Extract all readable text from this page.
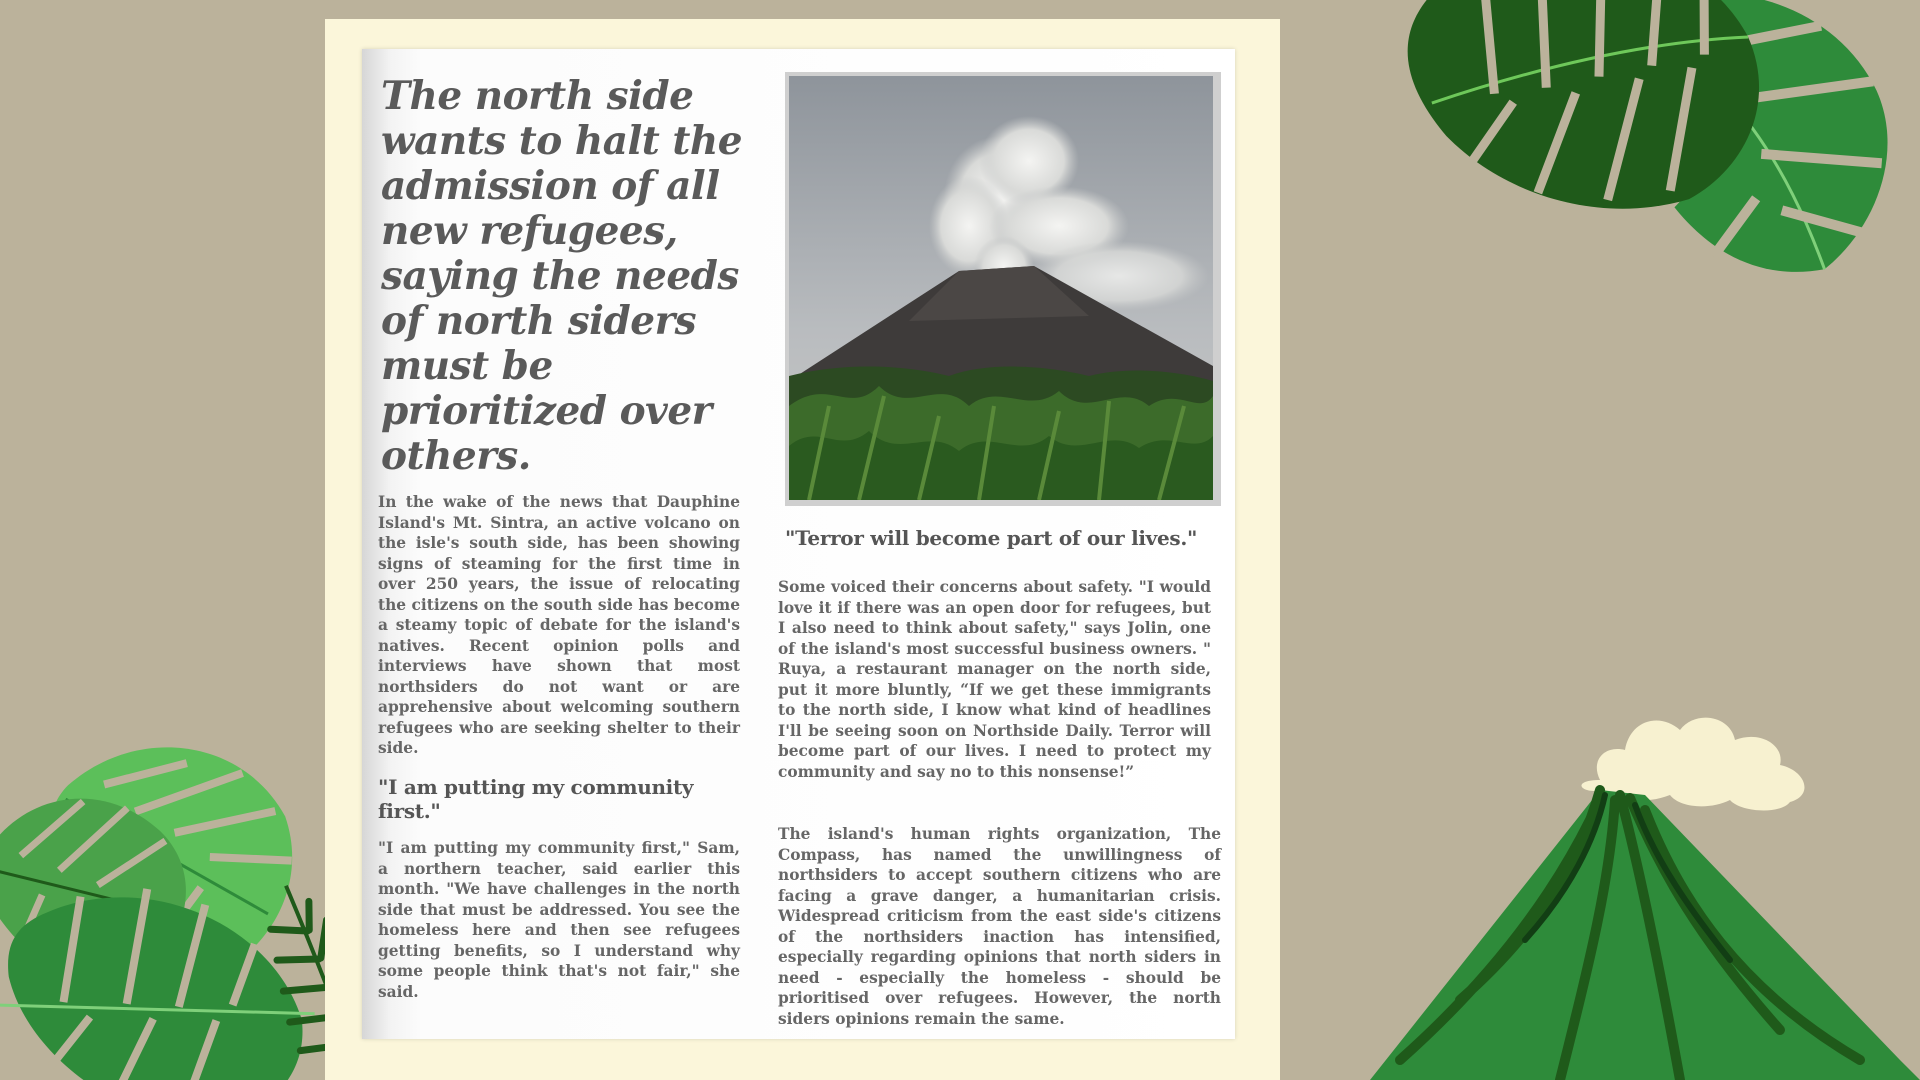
The north side wants to halt the admission of all new refugees, saying the needs of north siders must be prioritized over others.

In the wake of the news that Dauphine Island's Mt. Sintra, an active volcano on the isle's south side, has been showing signs of steaming for the first time in over 250 years, the issue of relocating the citizens on the south side has become a steamy topic of debate for the island's natives. Recent opinion polls and interviews have shown that most northsiders do not want or are apprehensive about welcoming southern refugees who are seeking shelter to their side.

"I am putting my community first."

"I am putting my community first," Sam, a northern teacher, said earlier this month. "We have challenges in the north side that must be addressed. You see the homeless here and then see refugees getting benefits, so I understand why some people think that's not fair," she said.

"Terror will become part of our lives."

Some voiced their concerns about safety. "I would love it if there was an open door for refugees, but I also need to think about safety," says Jolin, one of the island's most successful business owners. " Ruya, a restaurant manager on the north side, put it more bluntly, “If we get these immigrants to the north side, I know what kind of headlines I'll be seeing soon on Northside Daily. Terror will become part of our lives. I need to protect my community and say no to this nonsense!”

The island's human rights organization, The Compass, has named the unwillingness of northsiders to accept southern citizens who are facing a grave danger, a humanitarian crisis. Widespread criticism from the east side's citizens of the northsiders inaction has intensified, especially regarding opinions that north siders in need - especially the homeless - should be prioritised over refugees. However, the north siders opinions remain the same.
